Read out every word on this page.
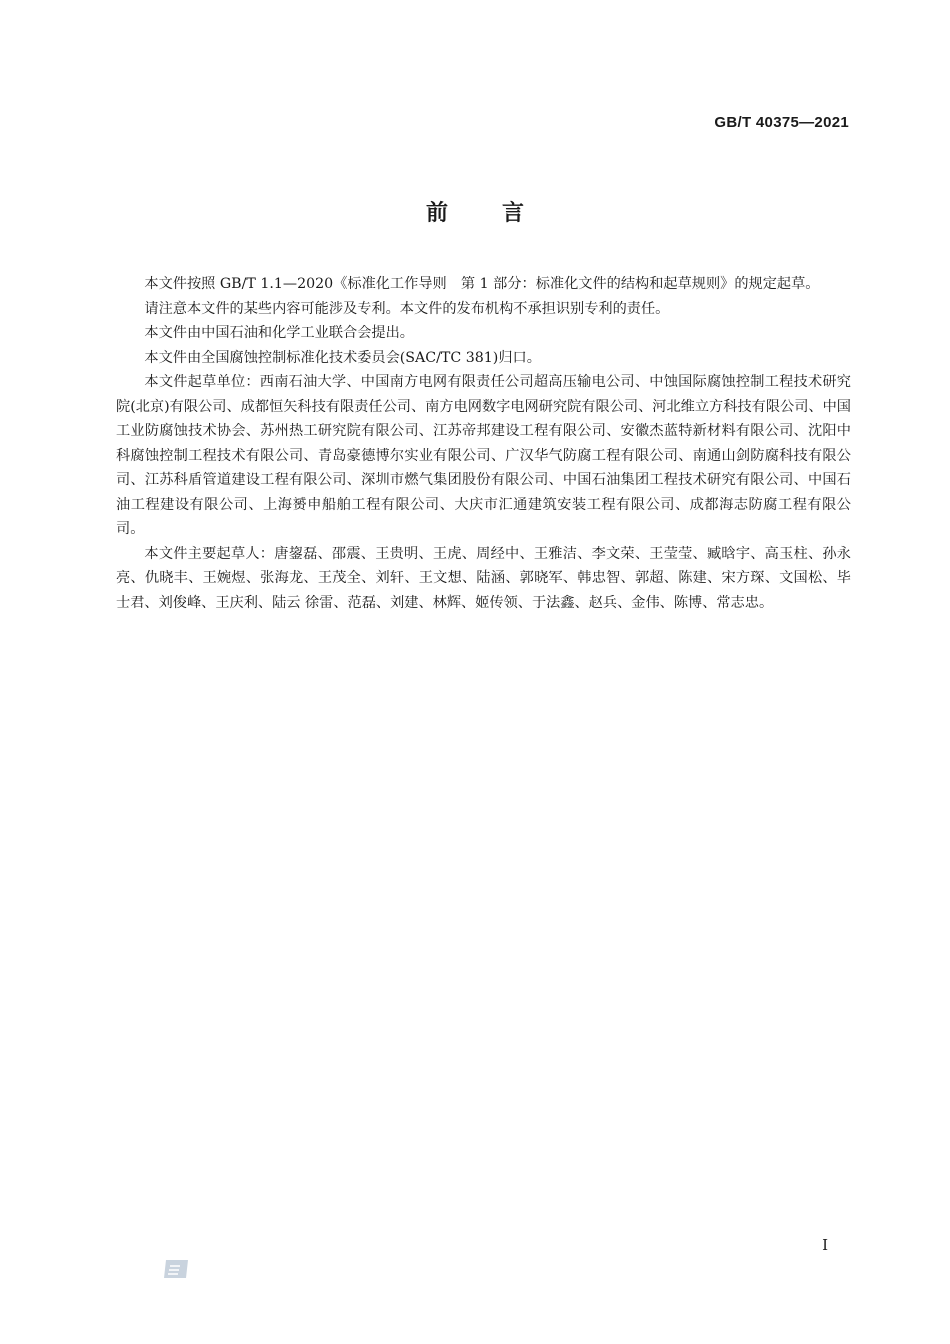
GB/T 40375—2021
前言

本文件按照 GB/T 1.1—2020《标准化工作导则　第 1 部分：标准化文件的结构和起草规则》的规定起草。

请注意本文件的某些内容可能涉及专利。本文件的发布机构不承担识别专利的责任。

本文件由中国石油和化学工业联合会提出。

本文件由全国腐蚀控制标准化技术委员会(SAC/TC 381)归口。

本文件起草单位：西南石油大学、中国南方电网有限责任公司超高压输电公司、中蚀国际腐蚀控制工程技术研究院(北京)有限公司、成都恒矢科技有限责任公司、南方电网数字电网研究院有限公司、河北维立方科技有限公司、中国工业防腐蚀技术协会、苏州热工研究院有限公司、江苏帝邦建设工程有限公司、安徽杰蓝特新材料有限公司、沈阳中科腐蚀控制工程技术有限公司、青岛豪德博尔实业有限公司、广汉华气防腐工程有限公司、南通山剑防腐科技有限公司、江苏科盾管道建设工程有限公司、深圳市燃气集团股份有限公司、中国石油集团工程技术研究有限公司、中国石油工程建设有限公司、上海赟申船舶工程有限公司、大庆市汇通建筑安装工程有限公司、成都海志防腐工程有限公司。

本文件主要起草人：唐鋆磊、邵震、王贵明、王虎、周经中、王雅洁、李文荣、王莹莹、臧晗宇、高玉柱、孙永亮、仇晓丰、王婉煜、张海龙、王茂全、刘轩、王文想、陆涵、郭晓军、韩忠智、郭超、陈建、宋方琛、文国松、毕士君、刘俊峰、王庆利、陆云 徐雷、范磊、刘建、林辉、姬传领、于法鑫、赵兵、金伟、陈博、常志忠。

I
